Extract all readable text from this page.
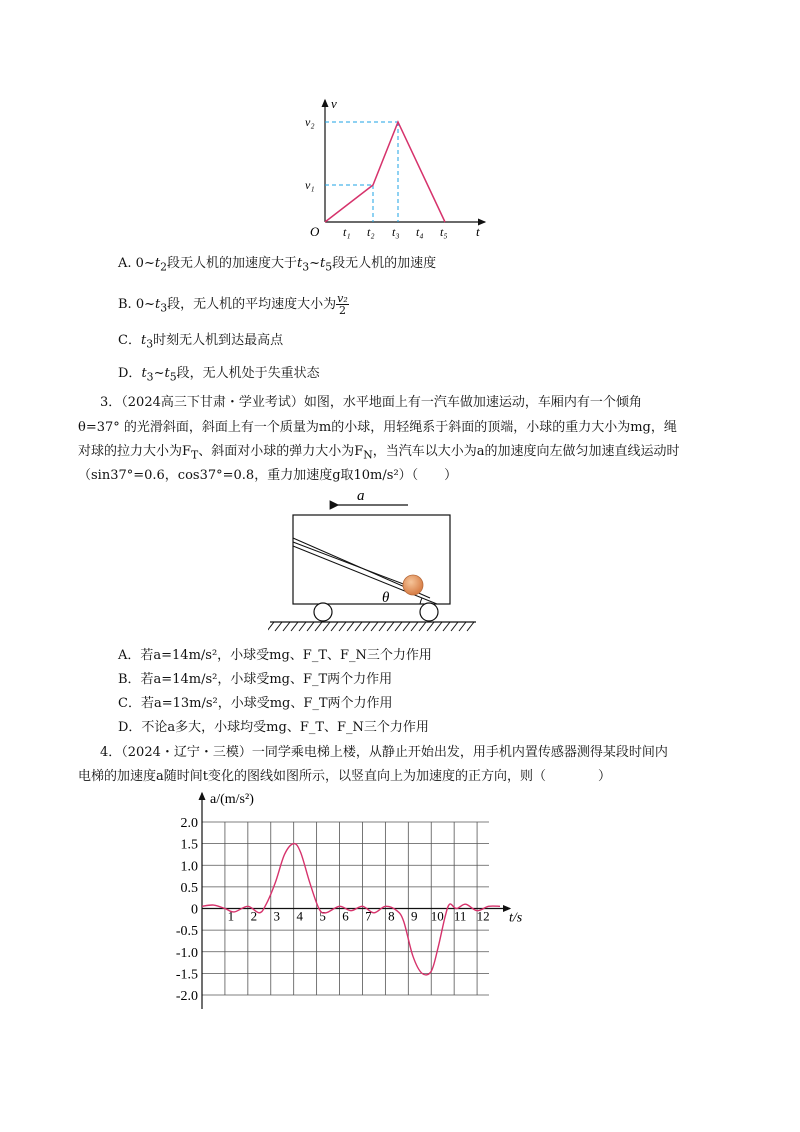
v
t
O
v₂
v₁
t₁ t₂ t₃ t₄ t₅
A. $0\sim t_2$段无人机的加速度大于$t_3\sim t_5$段无人机的加速度
B. $0\sim t_3$段，无人机的平均速度大小为 $\frac{\text{v₂}}{2}$
C．$t_3$时刻无人机到达最高点
D．$t_3\sim t_5$段，无人机处于失重状态
3．（2024高三下甘肃・学业考试）如图，水平地面上有一汽车做加速运动，车厢内有一个倾角
θ=37° 的光滑斜面，斜面上有一个质量为m的小球，用轻绳系于斜面的顶端，小球的重力大小为mg，绳
对球的拉力大小为$F_T$、斜面对小球的弹力大小为$F_N$，当汽车以大小为a的加速度向左做匀加速直线运动时
（sin37°=0.6，cos37°=0.8，重力加速度g取10m/s²）（　　）
a
θ
A．若a=14m/s²，小球受mg、F_T、F_N三个力作用
B．若a=14m/s²，小球受mg、F_T两个力作用
C．若a=13m/s²，小球受mg、F_T两个力作用
D．不论a多大，小球均受mg、F_T、F_N三个力作用
4．（2024・辽宁・三模）一同学乘电梯上楼，从静止开始出发，用手机内置传感器测得某段时间内
电梯的加速度a随时间t变化的图线如图所示，以竖直向上为加速度的正方向，则（　　　　）
2.0
1.5
1.0
0.5
0
-0.5
-1.0
-1.5
-2.0
1 2 3 4 5 6 7 8 9 10 11 12
a/(m/s²)
t/s
